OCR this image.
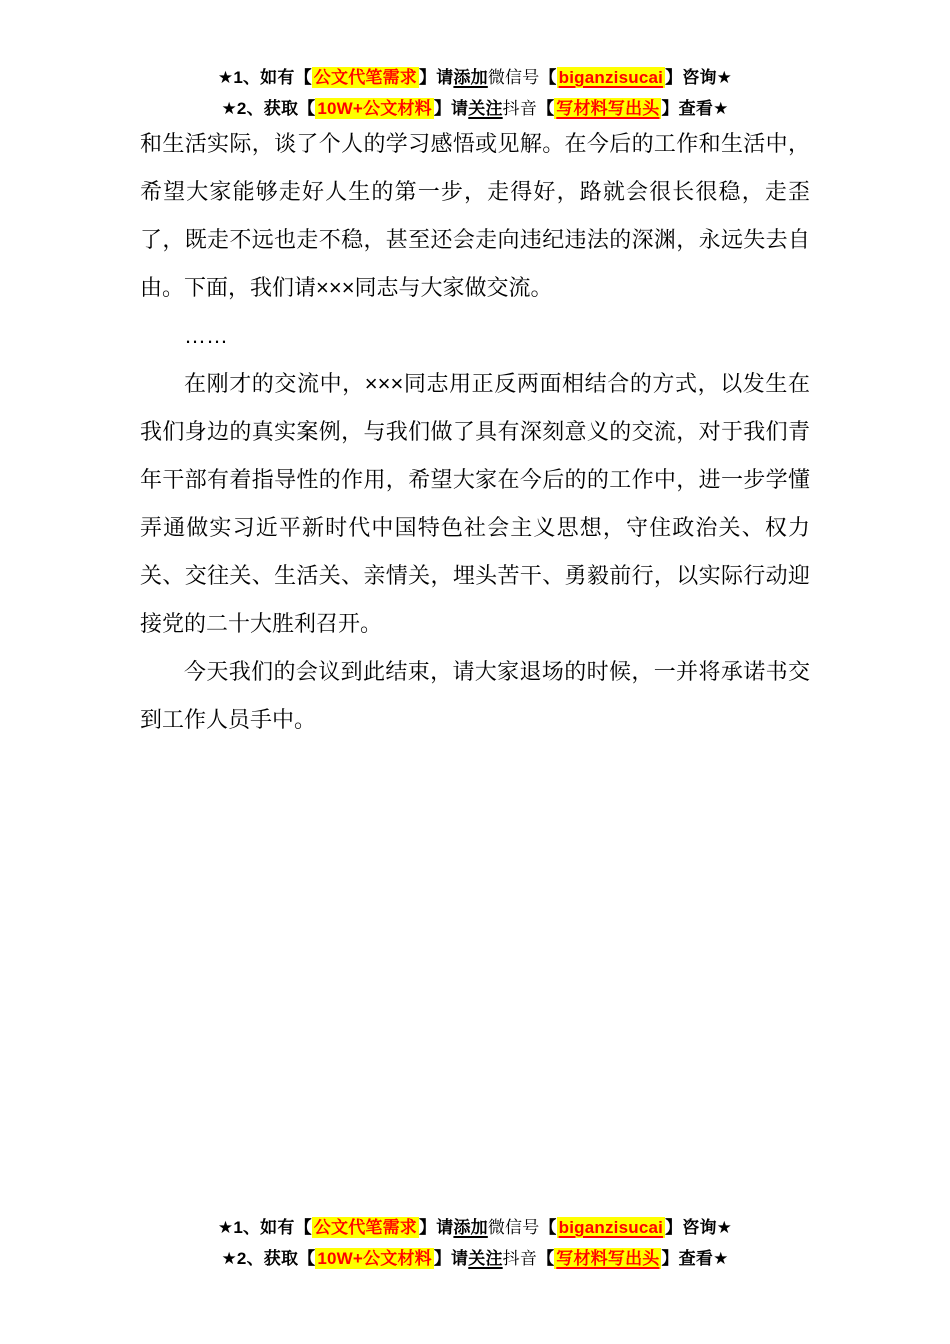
★1、如有【 公文代笔需求 】请添加微信号【 biganzisucai 】咨询★
★2、获取【 10W+公文材料 】请关注抖音【 写材料写出头 】查看★

和生活实际，谈了个人的学习感悟或见解。在今后的工作和生活中，希望大家能够走好人生的第一步，走得好，路就会很长很稳，走歪了，既走不远也走不稳，甚至还会走向违纪违法的深渊，永远失去自由。下面，我们请×××同志与大家做交流。

……

在刚才的交流中，×××同志用正反两面相结合的方式，以发生在我们身边的真实案例，与我们做了具有深刻意义的交流，对于我们青年干部有着指导性的作用，希望大家在今后的的工作中，进一步学懂弄通做实习近平新时代中国特色社会主义思想，守住政治关、权力关、交往关、生活关、亲情关，埋头苦干、勇毅前行，以实际行动迎接党的二十大胜利召开。

今天我们的会议到此结束，请大家退场的时候，一并将承诺书交到工作人员手中。

★1、如有【 公文代笔需求 】请添加微信号【 biganzisucai 】咨询★
★2、获取【 10W+公文材料 】请关注抖音【 写材料写出头 】查看★
